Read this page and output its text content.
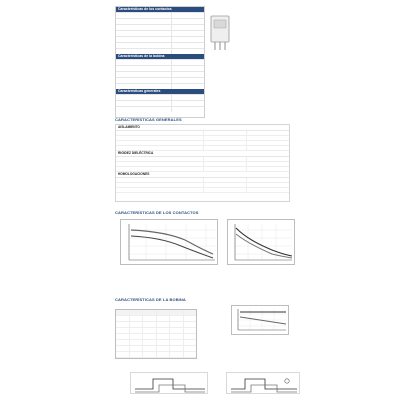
Características de los contactos
Características de la bobina
Características generales
CARACTERÍSTICAS GENERALES
AISLAMIENTO
RIGIDEZ DIELÉCTRICA
HOMOLOGACIONES
CARACTERÍSTICAS DE LOS CONTACTOS
CARACTERÍSTICAS DE LA BOBINA
